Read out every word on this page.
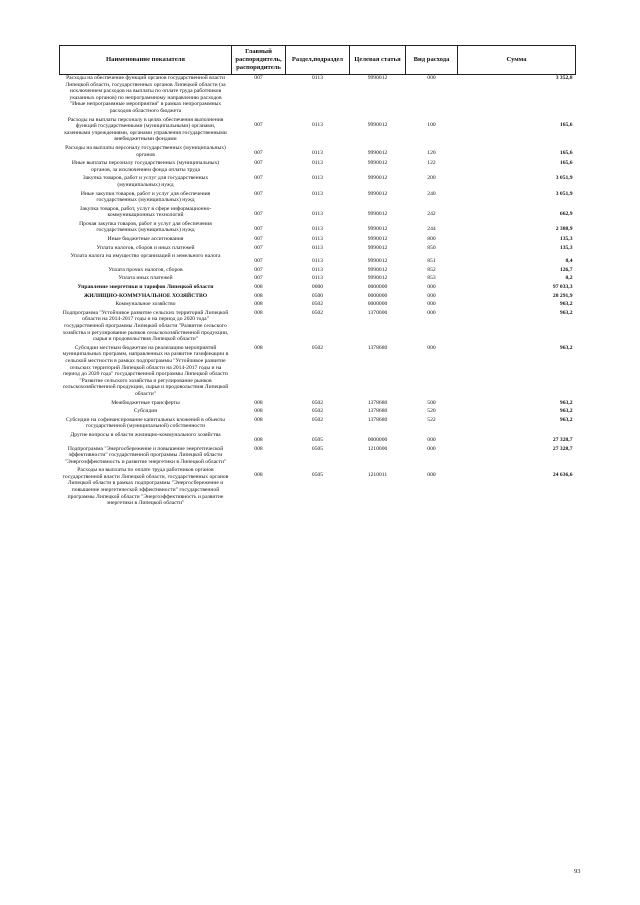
Наименование показателя	Главный распорядитель, распорядитель	Раздел,подраздел	Целевая статья	Вид расхода	Сумма
Расходы на обеспечение функций органов государственной власти Липецкой области, государственных органов Липецкой области (за исключением расходов на выплаты по оплате труда работников указанных органов) по непрограммному направлению расходов "Иные непрограммные мероприятия" в рамках непрограммных расходов областного бюджета	007	0113	9990012	000	3 352,8
Расходы на выплаты персоналу в целях обеспечения выполнения функций государственными (муниципальными) органами, казенными учреждениями, органами управления государственными внебюджетными фондами	007	0113	9990012	100	165,6
Расходы на выплаты персоналу государственных (муниципальных) органов	007	0113	9990012	120	165,6
Иные выплаты персоналу государственных (муниципальных) органов, за исключением фонда оплаты труда	007	0113	9990012	122	165,6
Закупка товаров, работ и услуг для государственных (муниципальных) нужд	007	0113	9990012	200	3 051,9
Иные закупки товаров, работ и услуг для обеспечения государственных (муниципальных) нужд	007	0113	9990012	240	3 051,9
Закупка товаров, работ, услуг в сфере информационно-коммуникационных технологий	007	0113	9990012	242	662,9
Прочая закупка товаров, работ и услуг для обеспечения государственных (муниципальных) нужд	007	0113	9990012	244	2 388,9
Иные бюджетные ассигнования	007	0113	9990012	800	135,3
Уплата налогов, сборов и иных платежей	007	0113	9990012	850	135,3
Уплата налога на имущество организаций и земельного налога	007	0113	9990012	851	8,4
Уплата прочих налогов, сборов	007	0113	9990012	852	126,7
Уплата иных платежей	007	0113	9990012	853	0,2
Управление энергетики и тарифов Липецкой области	008	0000	0000000	000	97 033,3
ЖИЛИЩНО-КОММУНАЛЬНОЕ ХОЗЯЙСТВО	008	0500	0000000	000	28 291,9
Коммунальное хозяйство	008	0502	0000000	000	963,2
Подпрограмма "Устойчивое развитие сельских территорий Липецкой области на 2014-2017 годы и на период до 2020 года" государственной программы Липецкой области "Развитие сельского хозяйства и регулирование рынков сельскохозяйственной продукции, сырья и продовольствия Липецкой области"	008	0502	1370000	000	963,2
Субсидии местным бюджетам на реализацию мероприятий муниципальных программ, направленных на развитие газификации в сельской местности в рамках подпрограммы "Устойчивое развитие сельских территорий Липецкой области на 2014-2017 годы и на период до 2020 года" государственной программы Липецкой области "Развитие сельского хозяйства и регулирование рынков сельскохозяйственной продукции, сырья и продовольствия Липецкой области"	008	0502	1378680	000	963,2
Межбюджетные трансферты	008	0502	1378680	500	963,2
Субсидии	008	0502	1378680	520	963,2
Субсидии на софинансирование капитальных вложений в объекты государственной (муниципальной) собственности	008	0502	1378680	522	963,2
Другие вопросы в области жилищно-коммунального хозяйства	008	0505	0000000	000	27 328,7
Подпрограмма "Энергосбережение и повышение энергетической эффективности" государственной программы Липецкой области "Энергоэффективность и развитие энергетики в Липецкой области"	008	0505	1210000	000	27 328,7
Расходы на выплаты по оплате труда работников органов государственной власти Липецкой области, государственных органов Липецкой области в рамках подпрограммы "Энергосбережение и повышение энергетической эффективности" государственной программы Липецкой области "Энергоэффективность и развитие энергетики в Липецкой области"	008	0505	1210011	000	24 636,6
93
